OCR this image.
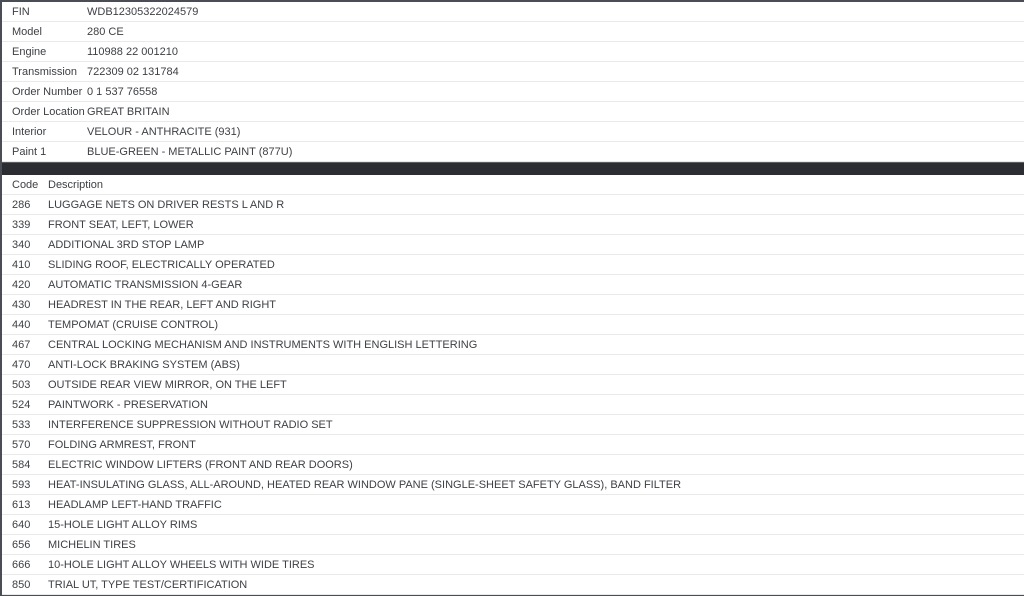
FIN	WDB12305322024579
Model	280 CE
Engine	110988 22 001210
Transmission 722309 02 131784
Order Number 0 1 537 76558
Order Location GREAT BRITAIN
Interior	VELOUR - ANTHRACITE (931)
Paint 1	BLUE-GREEN - METALLIC PAINT (877U)
Code Description
286	LUGGAGE NETS ON DRIVER RESTS L AND R
339	FRONT SEAT, LEFT, LOWER
340	ADDITIONAL 3RD STOP LAMP
410	SLIDING ROOF, ELECTRICALLY OPERATED
420	AUTOMATIC TRANSMISSION 4-GEAR
430	HEADREST IN THE REAR, LEFT AND RIGHT
440	TEMPOMAT (CRUISE CONTROL)
467	CENTRAL LOCKING MECHANISM AND INSTRUMENTS WITH ENGLISH LETTERING
470	ANTI-LOCK BRAKING SYSTEM (ABS)
503	OUTSIDE REAR VIEW MIRROR, ON THE LEFT
524	PAINTWORK - PRESERVATION
533	INTERFERENCE SUPPRESSION WITHOUT RADIO SET
570	FOLDING ARMREST, FRONT
584	ELECTRIC WINDOW LIFTERS (FRONT AND REAR DOORS)
593	HEAT-INSULATING GLASS, ALL-AROUND, HEATED REAR WINDOW PANE (SINGLE-SHEET SAFETY GLASS), BAND FILTER
613	HEADLAMP LEFT-HAND TRAFFIC
640	15-HOLE LIGHT ALLOY RIMS
656	MICHELIN TIRES
666	10-HOLE LIGHT ALLOY WHEELS WITH WIDE TIRES
850	TRIAL UT, TYPE TEST/CERTIFICATION
